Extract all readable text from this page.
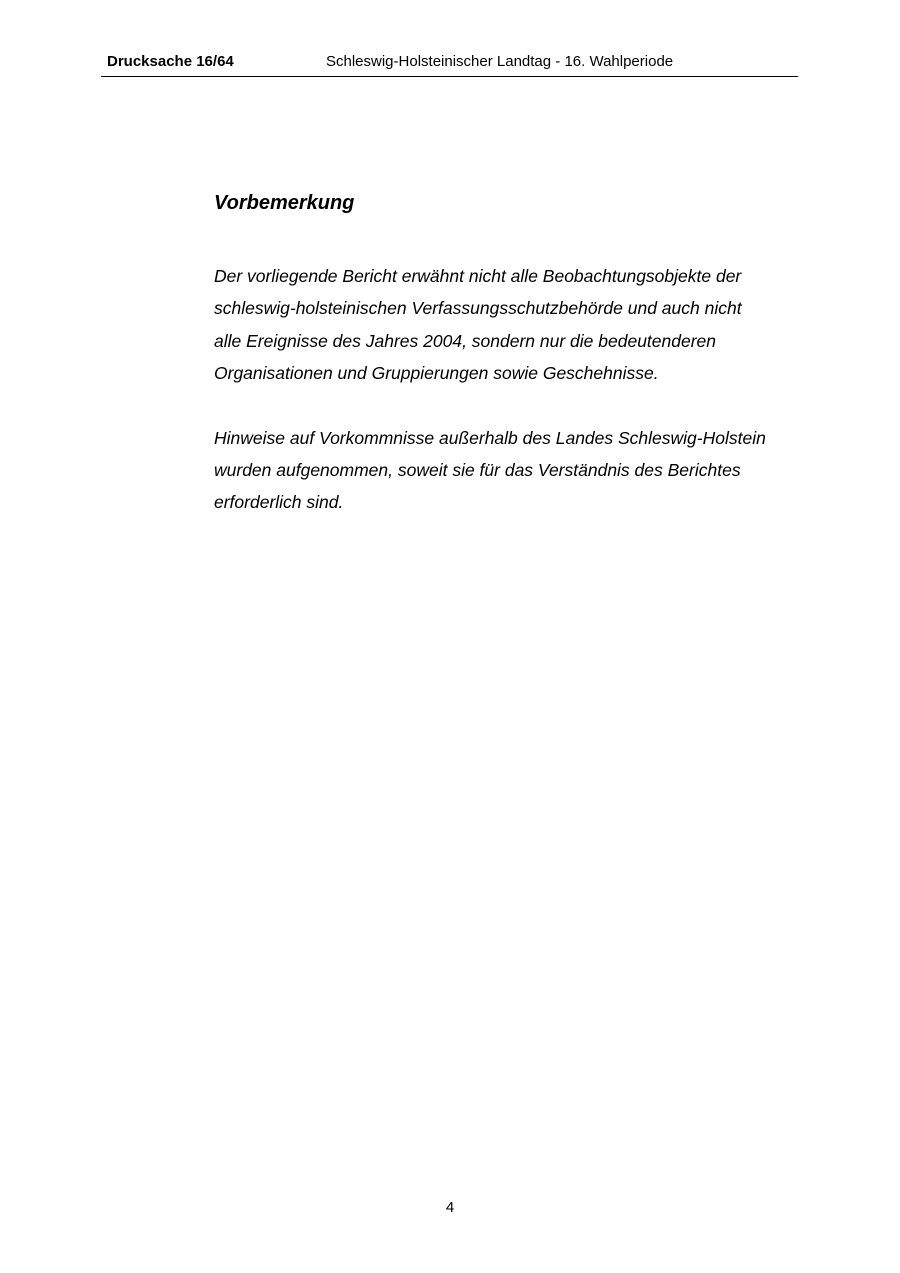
Drucksache 16/64	Schleswig-Holsteinischer Landtag - 16. Wahlperiode
Vorbemerkung

Der vorliegende Bericht erwähnt nicht alle Beobachtungsobjekte der
schleswig-holsteinischen Verfassungsschutzbehörde und auch nicht
alle Ereignisse des Jahres 2004, sondern nur die bedeutenderen
Organisationen und Gruppierungen sowie Geschehnisse.

Hinweise auf Vorkommnisse außerhalb des Landes Schleswig-Holstein
wurden aufgenommen, soweit sie für das Verständnis des Berichtes
erforderlich sind.

4
